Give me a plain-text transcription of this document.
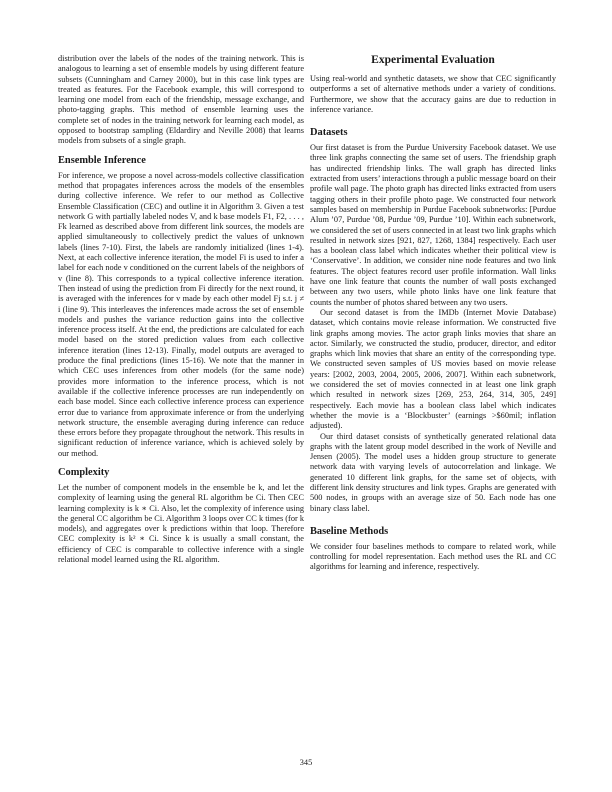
distribution over the labels of the nodes of the training network. This is analogous to learning a set of ensemble models by using different feature subsets (Cunningham and Carney 2000), but in this case link types are treated as features. For the Facebook example, this will correspond to learning one model from each of the friendship, message exchange, and photo-tagging graphs. This method of ensemble learning uses the complete set of nodes in the training network for learning each model, as opposed to bootstrap sampling (Eldardiry and Neville 2008) that learns models from subsets of a single graph.

Ensemble Inference

For inference, we propose a novel across-models collective classification method that propagates inferences across the models of the ensembles during collective inference. We refer to our method as Collective Ensemble Classification (CEC) and outline it in Algorithm 3. Given a test network G with partially labeled nodes V, and k base models F1, F2, . . . , Fk learned as described above from different link sources, the models are applied simultaneously to collectively predict the values of unknown labels (lines 7-10). First, the labels are randomly initialized (lines 1-4). Next, at each collective inference iteration, the model Fi is used to infer a label for each node v conditioned on the current labels of the neighbors of v (line 8). This corresponds to a typical collective inference iteration. Then instead of using the prediction from Fi directly for the next round, it is averaged with the inferences for v made by each other model Fj s.t. j ≠ i (line 9). This interleaves the inferences made across the set of ensemble models and pushes the variance reduction gains into the collective inference process itself. At the end, the predictions are calculated for each model based on the stored prediction values from each collective inference iteration (lines 12-13). Finally, model outputs are averaged to produce the final predictions (lines 15-16). We note that the manner in which CEC uses inferences from other models (for the same node) provides more information to the inference process, which is not available if the collective inference processes are run independently on each base model. Since each collective inference process can experience error due to variance from approximate inference or from the underlying network structure, the ensemble averaging during inference can reduce these errors before they propagate throughout the network. This results in significant reduction of inference variance, which is achieved solely by our method.

Complexity

Let the number of component models in the ensemble be k, and let the complexity of learning using the general RL algorithm be Ci. Then CEC learning complexity is k ∗ Ci. Also, let the complexity of inference using the general CC algorithm be Ci. Algorithm 3 loops over CC k times (for k models), and aggregates over k predictions within that loop. Therefore CEC complexity is k² ∗ Ci. Since k is usually a small constant, the efficiency of CEC is comparable to collective inference with a single relational model learned using the RL algorithm.

Experimental Evaluation

Using real-world and synthetic datasets, we show that CEC significantly outperforms a set of alternative methods under a variety of conditions. Furthermore, we show that the accuracy gains are due to reduction in inference variance.

Datasets

Our first dataset is from the Purdue University Facebook dataset. We use three link graphs connecting the same set of users. The friendship graph has undirected friendship links. The wall graph has directed links extracted from users’ interactions through a public message board on their profile wall page. The photo graph has directed links extracted from users tagging others in their profile photo page. We constructed four network samples based on membership in Purdue Facebook subnetworks: [Purdue Alum ’07, Purdue ’08, Purdue ’09, Purdue ’10]. Within each subnetwork, we considered the set of users connected in at least two link graphs which resulted in network sizes [921, 827, 1268, 1384] respectively. Each user has a boolean class label which indicates whether their political view is ‘Conservative’. In addition, we consider nine node features and two link features. The object features record user profile information. Wall links have one link feature that counts the number of wall posts exchanged between any two users, while photo links have one link feature that counts the number of photos shared between any two users.

Our second dataset is from the IMDb (Internet Movie Database) dataset, which contains movie release information. We constructed five link graphs among movies. The actor graph links movies that share an actor. Similarly, we constructed the studio, producer, director, and editor graphs which link movies that share an entity of the corresponding type. We constructed seven samples of US movies based on movie release years: [2002, 2003, 2004, 2005, 2006, 2007]. Within each subnetwork, we considered the set of movies connected in at least one link graph which resulted in network sizes [269, 253, 264, 314, 305, 249] respectively. Each movie has a boolean class label which indicates whether the movie is a ‘Blockbuster’ (earnings >$60mil; inflation adjusted).

Our third dataset consists of synthetically generated relational data graphs with the latent group model described in the work of Neville and Jensen (2005). The model uses a hidden group structure to generate network data with varying levels of autocorrelation and linkage. We generated 10 different link graphs, for the same set of objects, with different link density structures and link types. Graphs are generated with 500 nodes, in groups with an average size of 50. Each node has one binary class label.

Baseline Methods

We consider four baselines methods to compare to related work, while controlling for model representation. Each method uses the RL and CC algorithms for learning and inference, respectively.

345
